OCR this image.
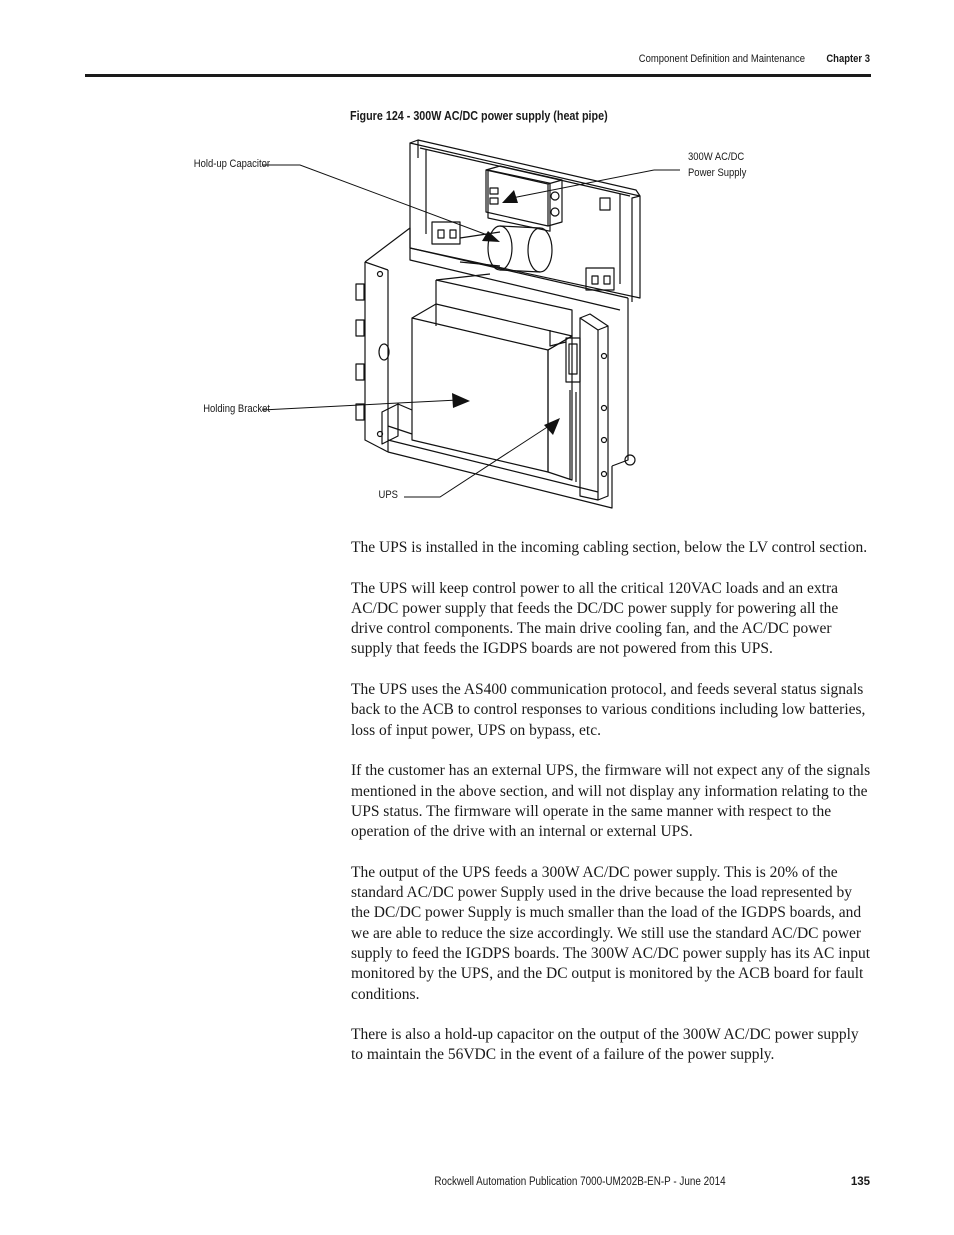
Component Definition and Maintenance Chapter 3
Figure 124 - 300W AC/DC power supply (heat pipe)
Hold-up Capacitor
300W AC/DC
Power Supply
Holding Bracket
UPS

The UPS is installed in the incoming cabling section, below the LV control section.

The UPS will keep control power to all the critical 120VAC loads and an extra AC/DC power supply that feeds the DC/DC power supply for powering all the drive control components. The main drive cooling fan, and the AC/DC power supply that feeds the IGDPS boards are not powered from this UPS.

The UPS uses the AS400 communication protocol, and feeds several status signals back to the ACB to control responses to various conditions including low batteries, loss of input power, UPS on bypass, etc.

If the customer has an external UPS, the firmware will not expect any of the signals mentioned in the above section, and will not display any information relating to the UPS status. The firmware will operate in the same manner with respect to the operation of the drive with an internal or external UPS.

The output of the UPS feeds a 300W AC/DC power supply. This is 20% of the standard AC/DC power Supply used in the drive because the load represented by the DC/DC power Supply is much smaller than the load of the IGDPS boards, and we are able to reduce the size accordingly. We still use the standard AC/DC power supply to feed the IGDPS boards. The 300W AC/DC power supply has its AC input monitored by the UPS, and the DC output is monitored by the ACB board for fault conditions.

There is also a hold-up capacitor on the output of the 300W AC/DC power supply to maintain the 56VDC in the event of a failure of the power supply.

Rockwell Automation Publication 7000-UM202B-EN-P - June 2014	135
